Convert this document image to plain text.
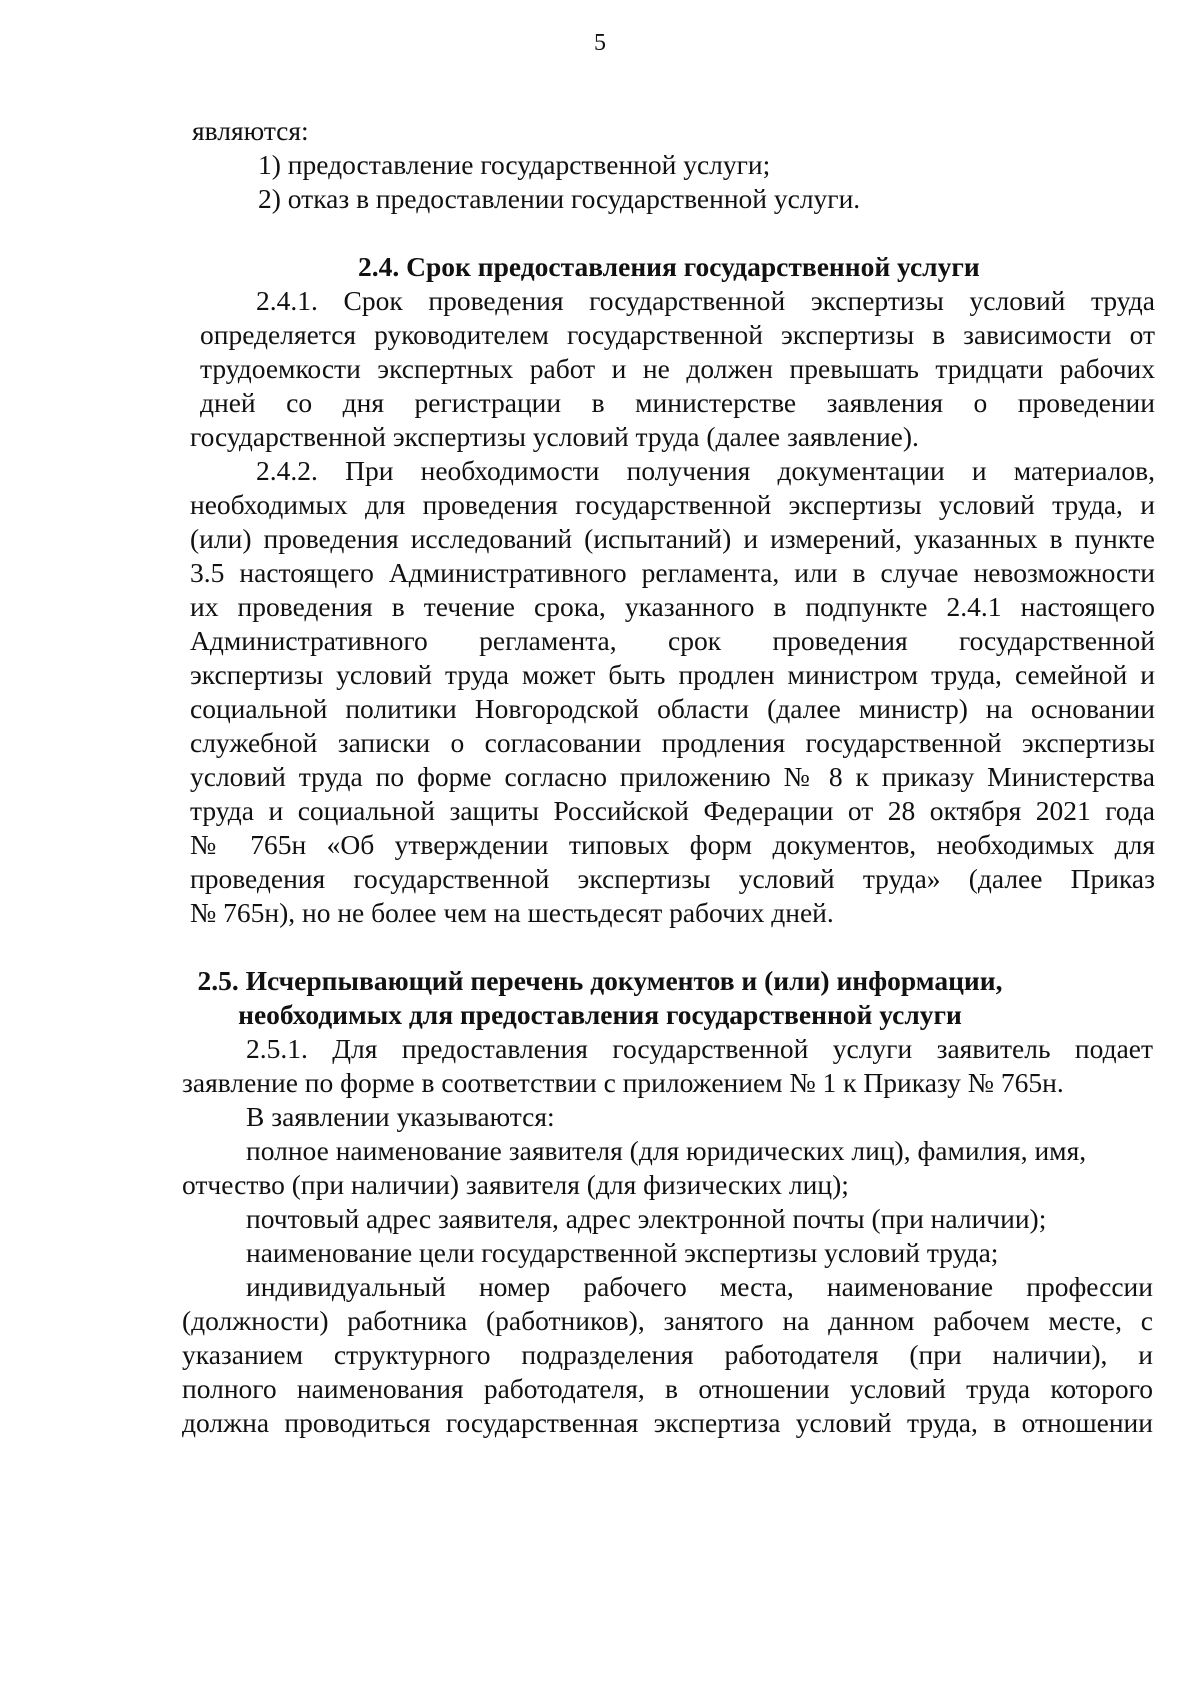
5
являются:
1) предоставление государственной услуги;
2) отказ в предоставлении государственной услуги.
2.4. Срок предоставления государственной услуги
2.4.1. Срок проведения государственной экспертизы условий труда
определяется руководителем государственной экспертизы в зависимости от
трудоемкости экспертных работ и не должен превышать тридцати рабочих
дней со дня регистрации в министерстве заявления о проведении
государственной экспертизы условий труда (далее заявление).
2.4.2. При необходимости получения документации и материалов,
необходимых для проведения государственной экспертизы условий труда, и
(или) проведения исследований (испытаний) и измерений, указанных в пункте
3.5 настоящего Административного регламента, или в случае невозможности
их проведения в течение срока, указанного в подпункте 2.4.1 настоящего
Административного регламента, срок проведения государственной
экспертизы условий труда может быть продлен министром труда, семейной и
социальной политики Новгородской области (далее министр) на основании
служебной записки о согласовании продления государственной экспертизы
условий труда по форме согласно приложению № 8 к приказу Министерства
труда и социальной защиты Российской Федерации от 28 октября 2021 года
№ 765н «Об утверждении типовых форм документов, необходимых для
проведения государственной экспертизы условий труда» (далее Приказ
№ 765н), но не более чем на шестьдесят рабочих дней.
2.5. Исчерпывающий перечень документов и (или) информации,
необходимых для предоставления государственной услуги
2.5.1. Для предоставления государственной услуги заявитель подает
заявление по форме в соответствии с приложением № 1 к Приказу № 765н.
В заявлении указываются:
полное наименование заявителя (для юридических лиц), фамилия, имя,
отчество (при наличии) заявителя (для физических лиц);
почтовый адрес заявителя, адрес электронной почты (при наличии);
наименование цели государственной экспертизы условий труда;
индивидуальный номер рабочего места, наименование профессии
(должности) работника (работников), занятого на данном рабочем месте, с
указанием структурного подразделения работодателя (при наличии), и
полного наименования работодателя, в отношении условий труда которого
должна проводиться государственная экспертиза условий труда, в отношении
